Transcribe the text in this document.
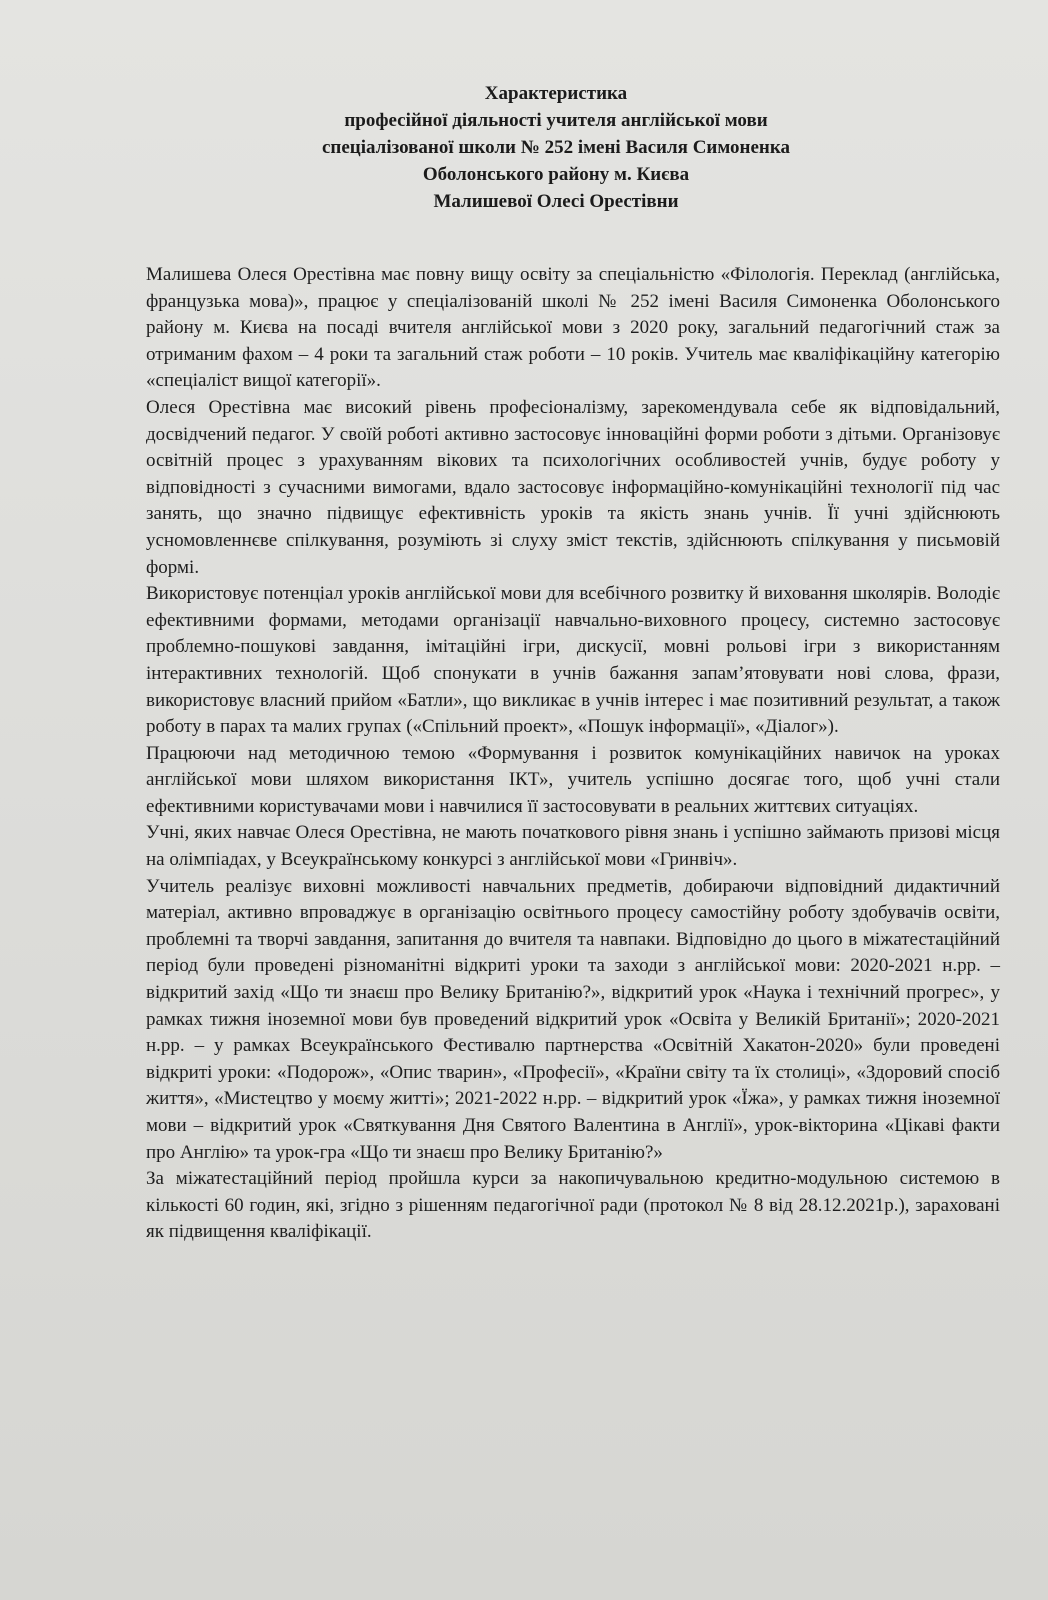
Характеристика
професійної діяльності учителя англійської мови
спеціалізованої школи № 252 імені Василя Симоненка
Оболонського району м. Києва
Малишевої Олесі Орестівни

Малишева Олеся Орестівна має повну вищу освіту за спеціальністю «Філологія. Переклад (англійська, французька мова)», працює у спеціалізованій школі № 252 імені Василя Симоненка Оболонського району м. Києва на посаді вчителя англійської мови з 2020 року, загальний педагогічний стаж за отриманим фахом – 4 роки та загальний стаж роботи – 10 років. Учитель має кваліфікаційну категорію «спеціаліст вищої категорії».

Олеся Орестівна має високий рівень професіоналізму, зарекомендувала себе як відповідальний, досвідчений педагог. У своїй роботі активно застосовує інноваційні форми роботи з дітьми. Організовує освітній процес з урахуванням вікових та психологічних особливостей учнів, будує роботу у відповідності з сучасними вимогами, вдало застосовує інформаційно-комунікаційні технології під час занять, що значно підвищує ефективність уроків та якість знань учнів. Її учні здійснюють усномовленнєве спілкування, розуміють зі слуху зміст текстів, здійснюють спілкування у письмовій формі.

Використовує потенціал уроків англійської мови для всебічного розвитку й виховання школярів. Володіє ефективними формами, методами організації навчально-виховного процесу, системно застосовує проблемно-пошукові завдання, імітаційні ігри, дискусії, мовні рольові ігри з використанням інтерактивних технологій. Щоб спонукати в учнів бажання запам’ятовувати нові слова, фрази, використовує власний прийом «Батли», що викликає в учнів інтерес і має позитивний результат, а також роботу в парах та малих групах («Спільний проект», «Пошук інформації», «Діалог»).

Працюючи над методичною темою «Формування і розвиток комунікаційних навичок на уроках англійської мови шляхом використання ІКТ», учитель успішно досягає того, щоб учні стали ефективними користувачами мови і навчилися її застосовувати в реальних життєвих ситуаціях.

Учні, яких навчає Олеся Орестівна, не мають початкового рівня знань і успішно займають призові місця на олімпіадах, у Всеукраїнському конкурсі з англійської мови «Гринвіч».

Учитель реалізує виховні можливості навчальних предметів, добираючи відповідний дидактичний матеріал, активно впроваджує в організацію освітнього процесу самостійну роботу здобувачів освіти, проблемні та творчі завдання, запитання до вчителя та навпаки. Відповідно до цього в міжатестаційний період були проведені різноманітні відкриті уроки та заходи з англійської мови: 2020-2021 н.рр. – відкритий захід «Що ти знаєш про Велику Британію?», відкритий урок «Наука і технічний прогрес», у рамках тижня іноземної мови був проведений відкритий урок «Освіта у Великій Британії»; 2020-2021 н.рр. – у рамках Всеукраїнського Фестивалю партнерства «Освітній Хакатон-2020» були проведені відкриті уроки: «Подорож», «Опис тварин», «Професії», «Країни світу та їх столиці», «Здоровий спосіб життя», «Мистецтво у моєму житті»; 2021-2022 н.рр. – відкритий урок «Їжа», у рамках тижня іноземної мови – відкритий урок «Святкування Дня Святого Валентина в Англії», урок-вікторина «Цікаві факти про Англію» та урок-гра «Що ти знаєш про Велику Британію?»

За міжатестаційний період пройшла курси за накопичувальною кредитно-модульною системою в кількості 60 годин, які, згідно з рішенням педагогічної ради (протокол № 8 від 28.12.2021р.), зараховані як підвищення кваліфікації.
